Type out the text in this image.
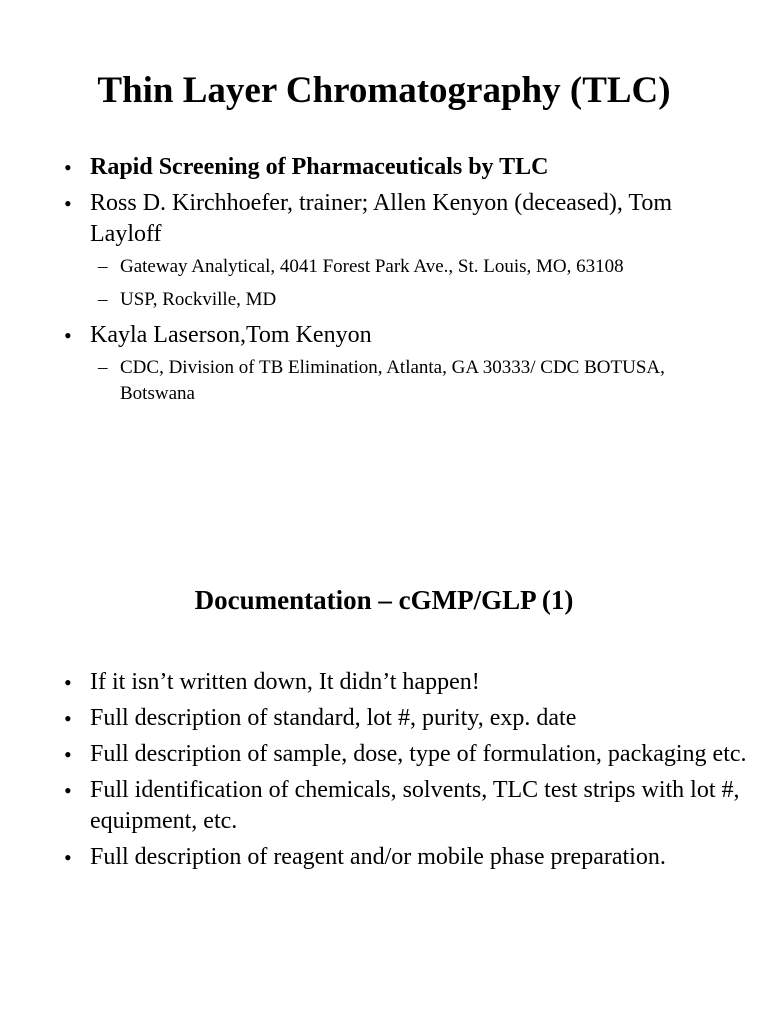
Thin Layer Chromatography (TLC)
• Rapid Screening of Pharmaceuticals by TLC
• Ross D. Kirchhoefer, trainer; Allen Kenyon (deceased), Tom Layloff
– Gateway Analytical, 4041 Forest Park Ave., St. Louis, MO, 63108
– USP, Rockville, MD
• Kayla Laserson,Tom Kenyon
– CDC, Division of TB Elimination, Atlanta, GA 30333/ CDC BOTUSA, Botswana
Documentation – cGMP/GLP (1)
• If it isn’t written down, It didn’t happen!
• Full description of standard, lot #, purity, exp. date
• Full description of sample, dose, type of formulation, packaging etc.
• Full identification of chemicals, solvents, TLC test strips with lot #, equipment, etc.
• Full description of reagent and/or mobile phase preparation.
